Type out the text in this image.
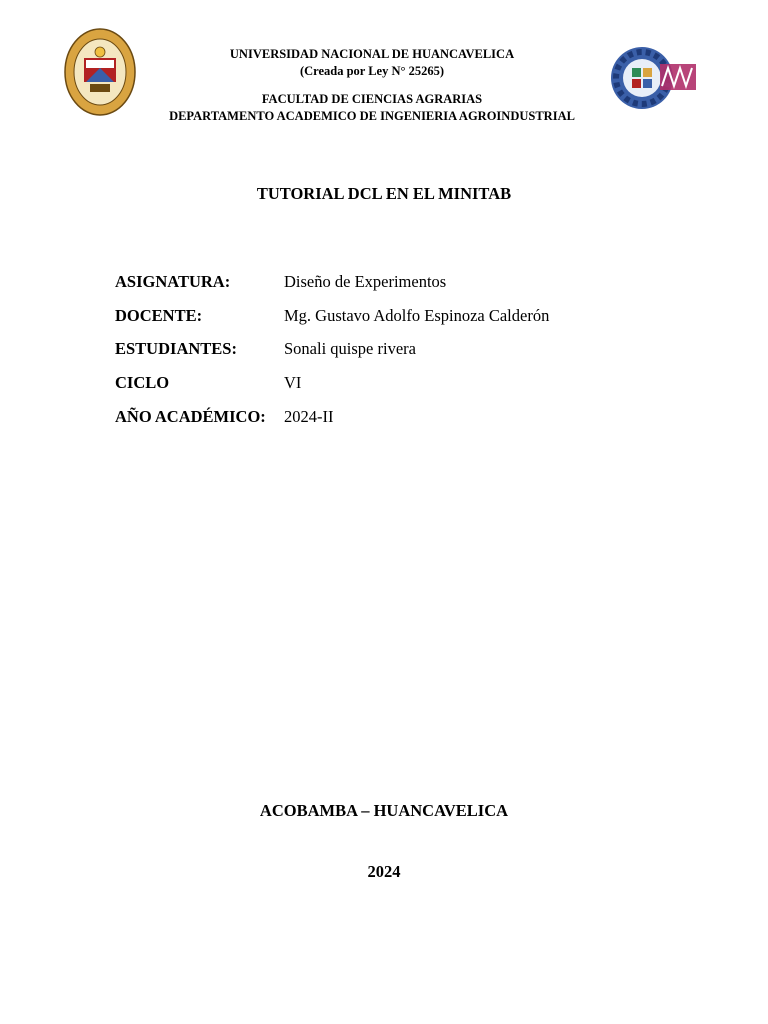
UNIVERSIDAD NACIONAL DE HUANCAVELICA
(Creada por Ley N° 25265)
FACULTAD DE CIENCIAS AGRARIAS
DEPARTAMENTO ACADEMICO DE INGENIERIA AGROINDUSTRIAL
TUTORIAL DCL EN EL MINITAB
ASIGNATURA:	Diseño de Experimentos
DOCENTE:	Mg. Gustavo Adolfo Espinoza Calderón
ESTUDIANTES:	Sonali quispe rivera
CICLO	VI
AÑO ACADÉMICO:	2024-II
ACOBAMBA – HUANCAVELICA
2024
